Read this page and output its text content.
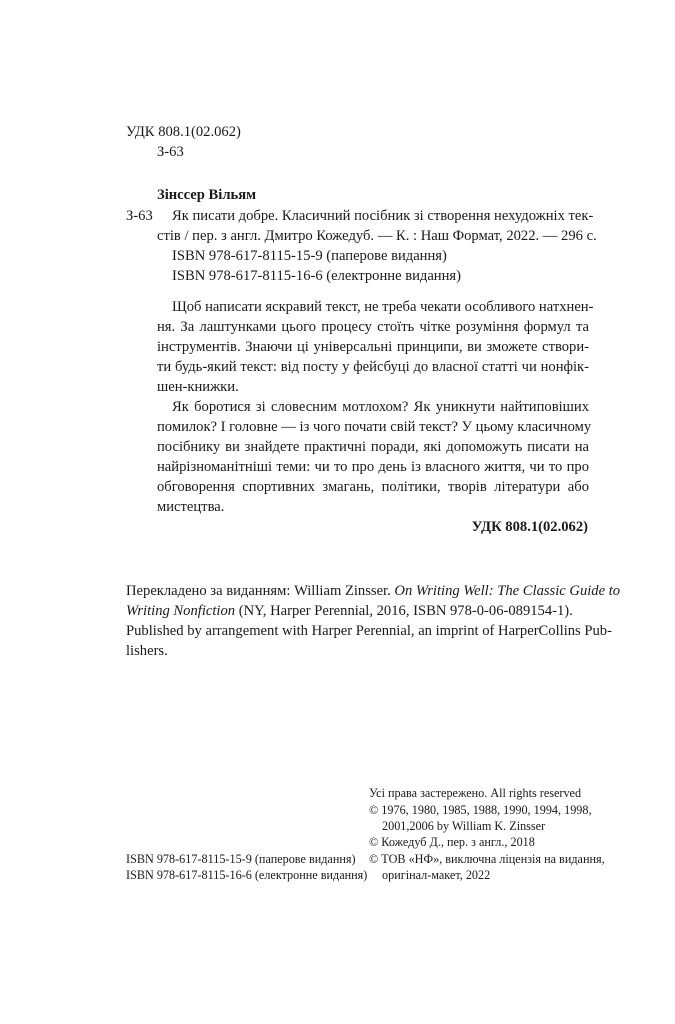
УДК 808.1(02.062)
З-63
Зінссер Вільям
З-63 Як писати добре. Класичний посібник зі створення нехудожніх тек-
стів / пер. з англ. Дмитро Кожедуб. — К. : Наш Формат, 2022. — 296 с.
ISBN 978-617-8115-15-9 (паперове видання)
ISBN 978-617-8115-16-6 (електронне видання)
Щоб написати яскравий текст, не треба чекати особливого натхнен-
ня. За лаштунками цього процесу стоїть чітке розуміння формул та
інструментів. Знаючи ці універсальні принципи, ви зможете створи-
ти будь-який текст: від посту у фейсбуці до власної статті чи нонфік-
шен-книжки.
Як боротися зі словесним мотлохом? Як уникнути найтиповіших
помилок? І головне — із чого почати свій текст? У цьому класичному
посібнику ви знайдете практичні поради, які допоможуть писати на
найрізноманітніші теми: чи то про день із власного життя, чи то про
обговорення спортивних змагань, політики, творів літератури або
мистецтва.
УДК 808.1(02.062)
Перекладено за виданням: William Zinsser. On Writing Well: The Classic Guide to
Writing Nonfiction (NY, Harper Perennial, 2016, ISBN 978-0-06-089154-1).
Published by arrangement with Harper Perennial, an imprint of HarperCollins Pub-
lishers.
Усі права застережено. All rights reserved
© 1976, 1980, 1985, 1988, 1990, 1994, 1998,
2001,2006 by William K. Zinsser
© Кожедуб Д., пер. з англ., 2018
© ТОВ «НФ», виключна ліцензія на видання,
оригінал-макет, 2022
ISBN 978-617-8115-15-9 (паперове видання)
ISBN 978-617-8115-16-6 (електронне видання)
